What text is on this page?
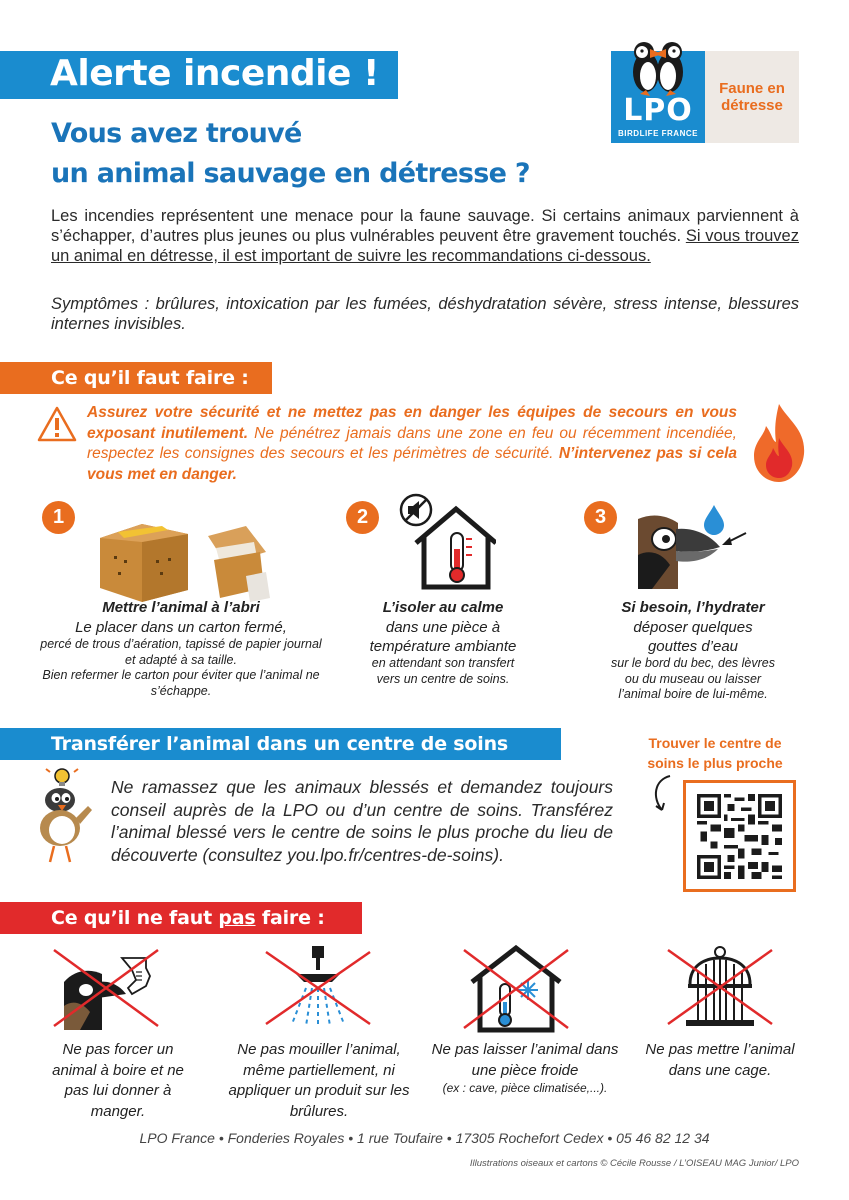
Alerte incendie !
Vous avez trouvé
un animal sauvage en détresse ?
LPO
BIRDLIFE FRANCE
Faune en
détresse
Les incendies représentent une menace pour la faune sauvage. Si certains animaux parviennent à s’échapper, d’autres plus jeunes ou plus vulnérables peuvent être gravement touchés. Si vous trouvez un animal en détresse, il est important de suivre les recommandations ci-dessous.
Symptômes : brûlures, intoxication par les fumées, déshydratation sévère, stress intense, blessures internes invisibles.
Ce qu’il faut faire :
Assurez votre sécurité et ne mettez pas en danger les équipes de secours en vous exposant inutilement. Ne pénétrez jamais dans une zone en feu ou récemment incendiée, respectez les consignes des secours et les périmètres de sécurité. N’intervenez pas si cela vous met en danger.
1
Mettre l’animal à l’abri
Le placer dans un carton fermé,
percé de trous d’aération, tapissé de papier journal et adapté à sa taille.
Bien refermer le carton pour éviter que l’animal ne s’échappe.
2
L’isoler au calme
dans une pièce à température ambiante
en attendant son transfert vers un centre de soins.
3
Si besoin, l’hydrater
déposer quelques gouttes d’eau
sur le bord du bec, des lèvres ou du museau ou laisser l’animal boire de lui-même.
Transférer l’animal dans un centre de soins
Ne ramassez que les animaux blessés et demandez toujours conseil auprès de la LPO ou d’un centre de soins. Transférez l’animal blessé vers le centre de soins le plus proche du lieu de découverte (consultez you.lpo.fr/centres-de-soins).
Trouver le centre de soins le plus proche
Ce qu’il ne faut pas faire :
Ne pas forcer un animal à boire et ne pas lui donner à manger.
Ne pas mouiller l’animal, même partiellement, ni appliquer un produit sur les brûlures.
Ne pas laisser l’animal dans une pièce froide
(ex : cave, pièce climatisée,...).
Ne pas mettre l’animal dans une cage.
LPO France • Fonderies Royales • 1 rue Toufaire • 17305 Rochefort Cedex • 05 46 82 12 34
Illustrations oiseaux et cartons © Cécile Rousse / L’OISEAU MAG Junior/ LPO
